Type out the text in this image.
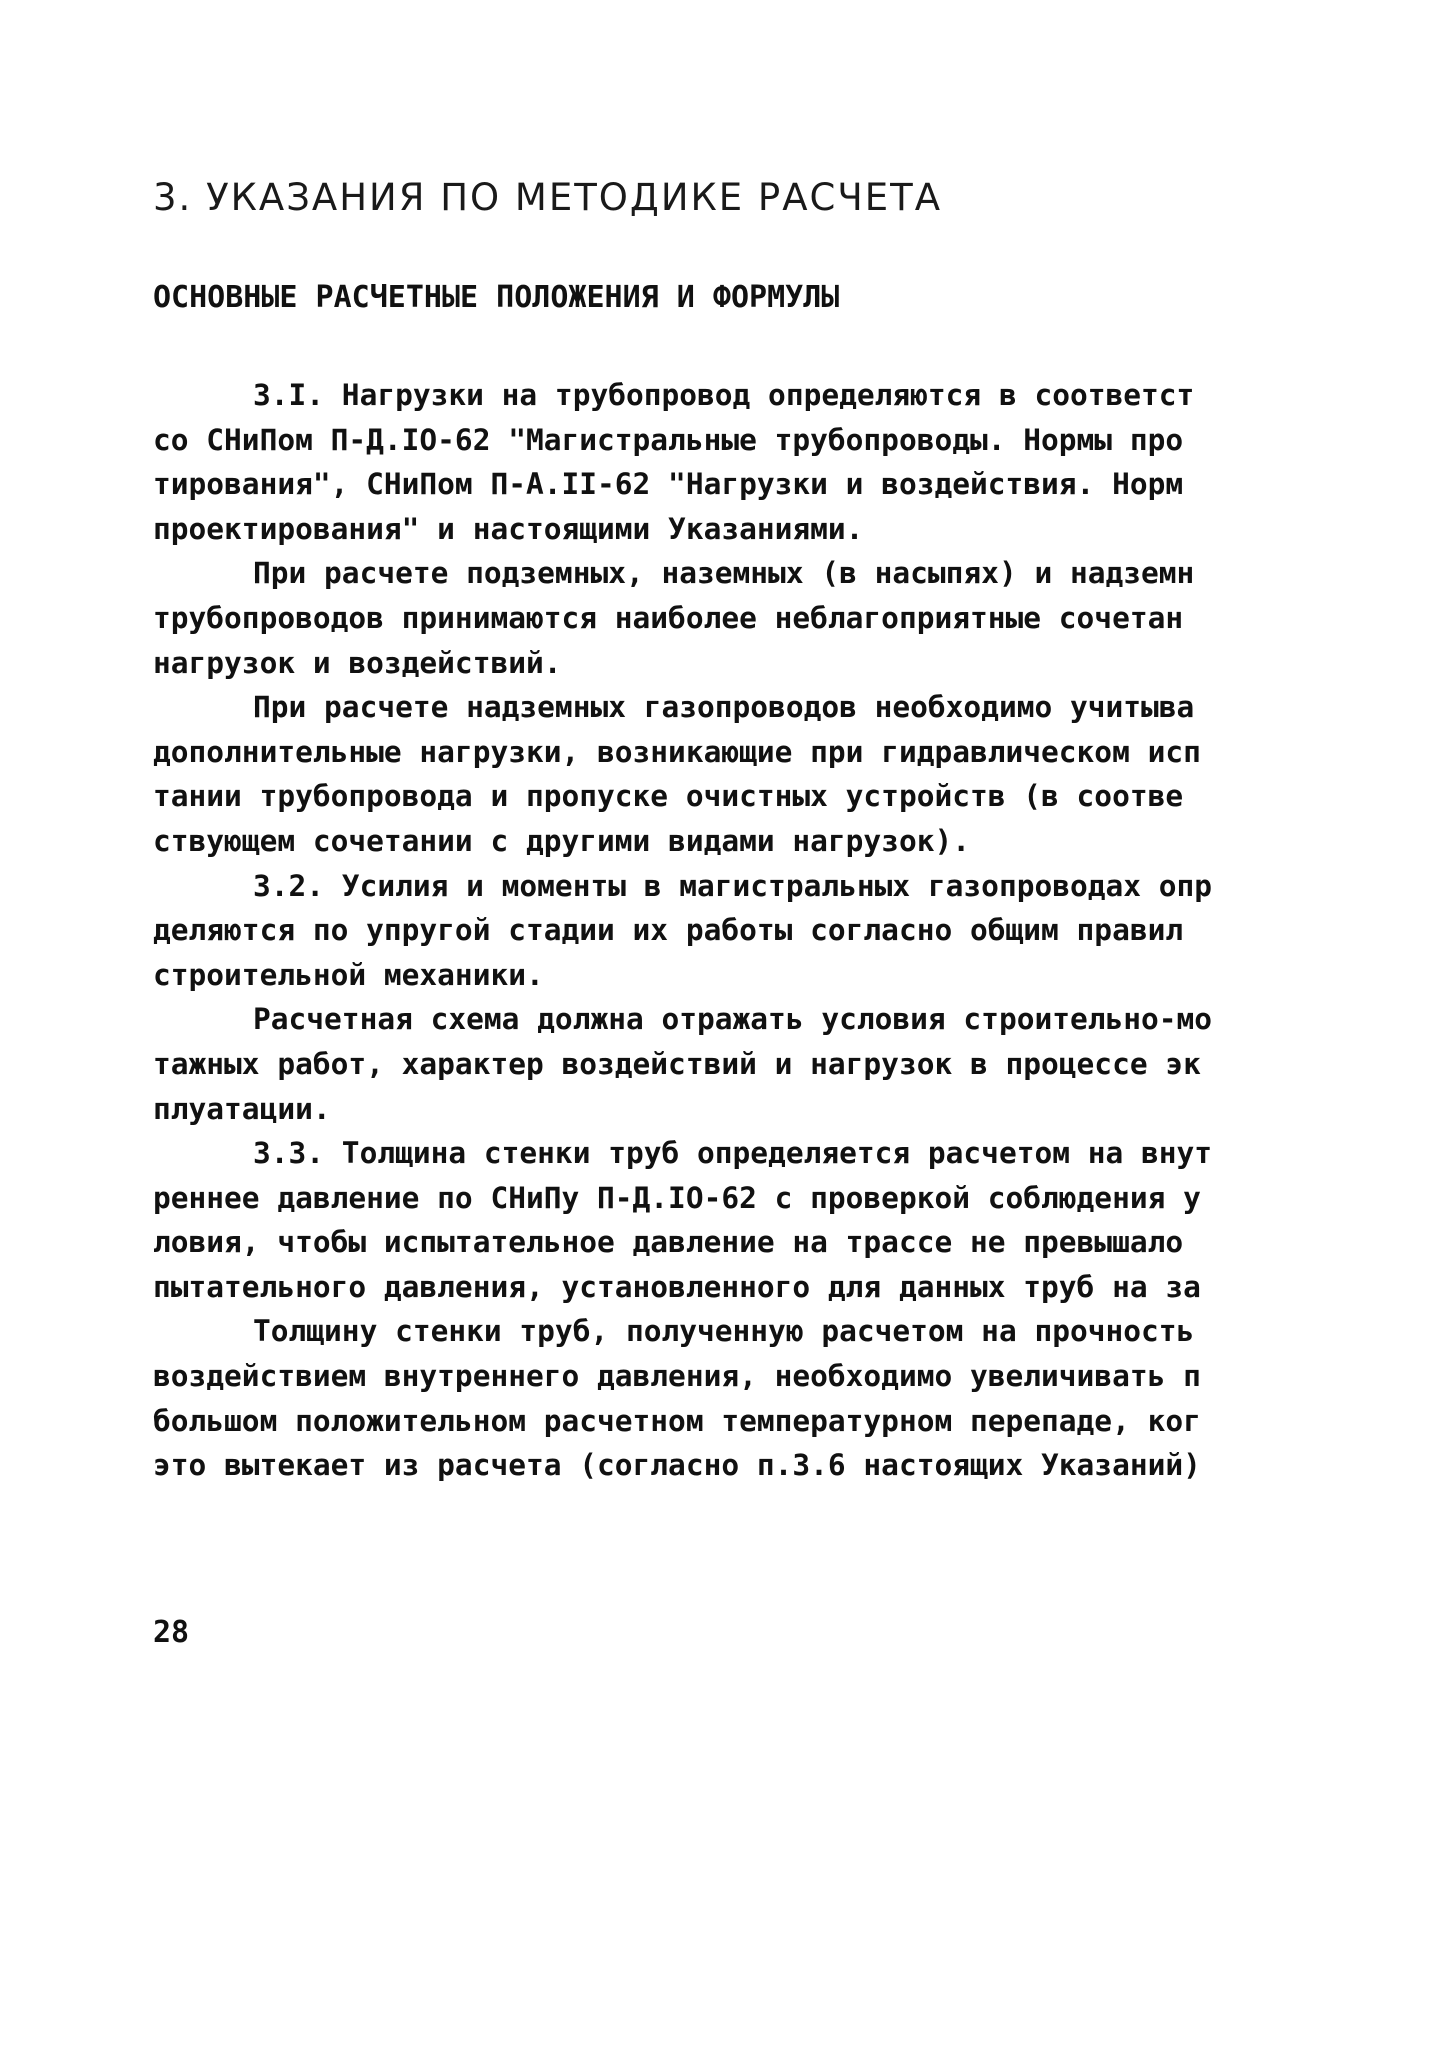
3. УКАЗАНИЯ ПО МЕТОДИКЕ РАСЧЕТА
ОСНОВНЫЕ РАСЧЕТНЫЕ ПОЛОЖЕНИЯ И ФОРМУЛЫ
3.I. Нагрузки на трубопровод определяются в соответст
со СНиПом П-Д.IO-62 "Магистральные трубопроводы. Нормы про
тирования", СНиПом П-А.II-62 "Нагрузки и воздействия. Норм
проектирования" и настоящими Указаниями.
При расчете подземных, наземных (в насыпях) и надземн
трубопроводов принимаются наиболее неблагоприятные сочетан
нагрузок и воздействий.
При расчете надземных газопроводов необходимо учитыва
дополнительные нагрузки, возникающие при гидравлическом исп
тании трубопровода и пропуске очистных устройств (в соотве
ствующем сочетании с другими видами нагрузок).
3.2. Усилия и моменты в магистральных газопроводах опр
деляются по упругой стадии их работы согласно общим правил
строительной механики.
Расчетная схема должна отражать условия строительно-мо
тажных работ, характер воздействий и нагрузок в процессе эк
плуатации.
3.3. Толщина стенки труб определяется расчетом на внут
реннее давление по СНиПу П-Д.IO-62 с проверкой соблюдения у
ловия, чтобы испытательное давление на трассе не превышало
пытательного давления, установленного для данных труб на за
Толщину стенки труб, полученную расчетом на прочность
воздействием внутреннего давления, необходимо увеличивать п
большом положительном расчетном температурном перепаде, ког
это вытекает из расчета (согласно п.3.6 настоящих Указаний)
28
